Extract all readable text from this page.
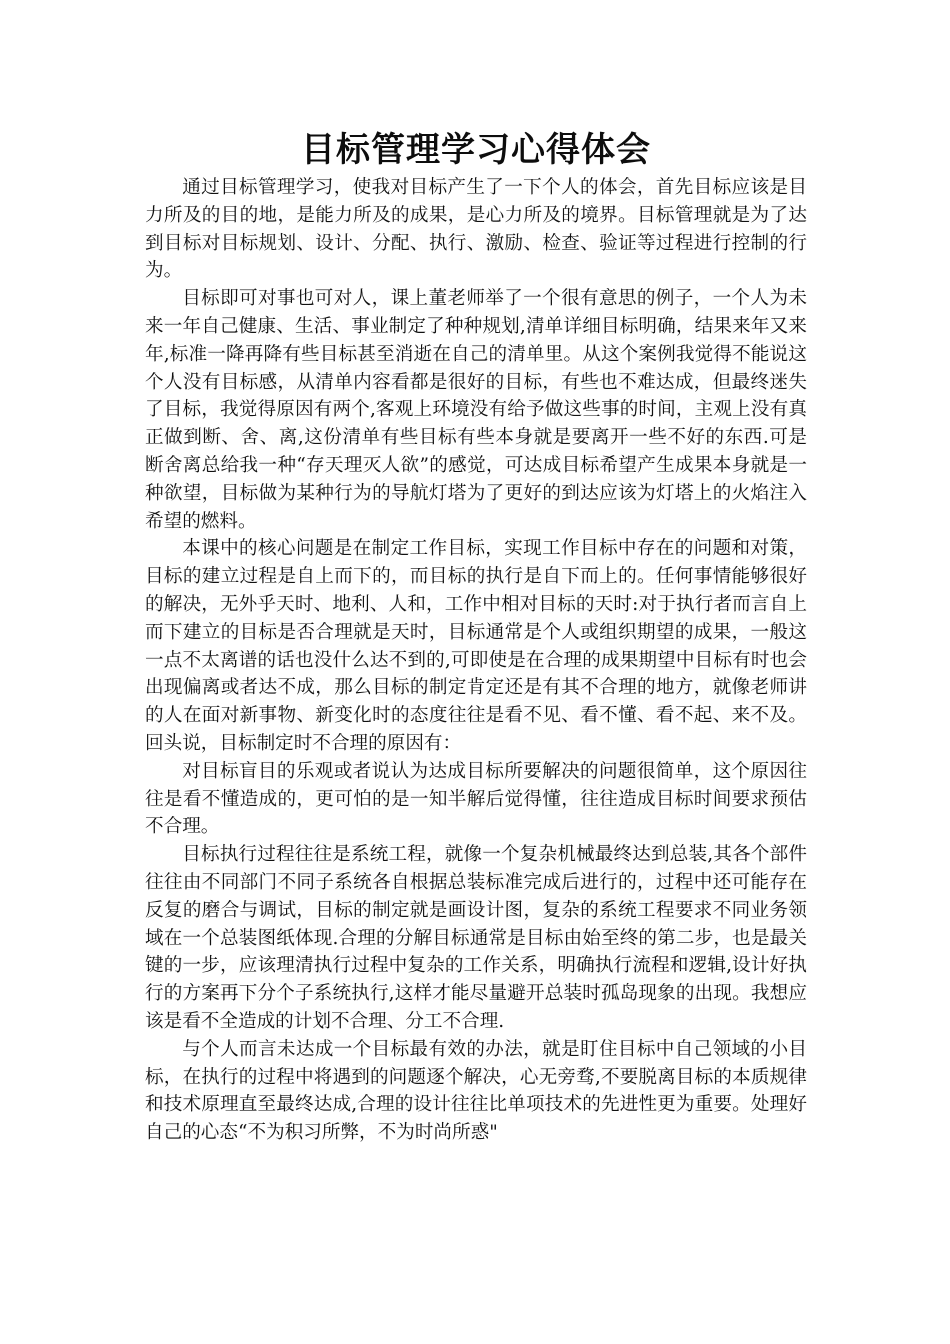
目标管理学习心得体会

通过目标管理学习，使我对目标产生了一下个人的体会，首先目标应该是目力所及的目的地，是能力所及的成果，是心力所及的境界。目标管理就是为了达到目标对目标规划、设计、分配、执行、激励、检查、验证等过程进行控制的行为。

目标即可对事也可对人，课上董老师举了一个很有意思的例子，一个人为未来一年自己健康、生活、事业制定了种种规划,清单详细目标明确，结果来年又来年,标准一降再降有些目标甚至消逝在自己的清单里。从这个案例我觉得不能说这个人没有目标感，从清单内容看都是很好的目标，有些也不难达成，但最终迷失了目标，我觉得原因有两个,客观上环境没有给予做这些事的时间，主观上没有真正做到断、舍、离,这份清单有些目标有些本身就是要离开一些不好的东西.可是断舍离总给我一种“存天理灭人欲”的感觉，可达成目标希望产生成果本身就是一种欲望，目标做为某种行为的导航灯塔为了更好的到达应该为灯塔上的火焰注入希望的燃料。

本课中的核心问题是在制定工作目标，实现工作目标中存在的问题和对策，目标的建立过程是自上而下的，而目标的执行是自下而上的。任何事情能够很好的解决，无外乎天时、地利、人和，工作中相对目标的天时:对于执行者而言自上而下建立的目标是否合理就是天时，目标通常是个人或组织期望的成果，一般这一点不太离谱的话也没什么达不到的,可即使是在合理的成果期望中目标有时也会出现偏离或者达不成，那么目标的制定肯定还是有其不合理的地方，就像老师讲的人在面对新事物、新变化时的态度往往是看不见、看不懂、看不起、来不及。回头说，目标制定时不合理的原因有：

对目标盲目的乐观或者说认为达成目标所要解决的问题很简单，这个原因往往是看不懂造成的，更可怕的是一知半解后觉得懂，往往造成目标时间要求预估不合理。

目标执行过程往往是系统工程，就像一个复杂机械最终达到总装,其各个部件往往由不同部门不同子系统各自根据总装标准完成后进行的，过程中还可能存在反复的磨合与调试，目标的制定就是画设计图，复杂的系统工程要求不同业务领域在一个总装图纸体现.合理的分解目标通常是目标由始至终的第二步，也是最关键的一步，应该理清执行过程中复杂的工作关系，明确执行流程和逻辑,设计好执行的方案再下分个子系统执行,这样才能尽量避开总装时孤岛现象的出现。我想应该是看不全造成的计划不合理、分工不合理.

与个人而言未达成一个目标最有效的办法，就是盯住目标中自己领域的小目标，在执行的过程中将遇到的问题逐个解决，心无旁骛,不要脱离目标的本质规律和技术原理直至最终达成,合理的设计往往比单项技术的先进性更为重要。处理好自己的心态“不为积习所弊，不为时尚所惑"
